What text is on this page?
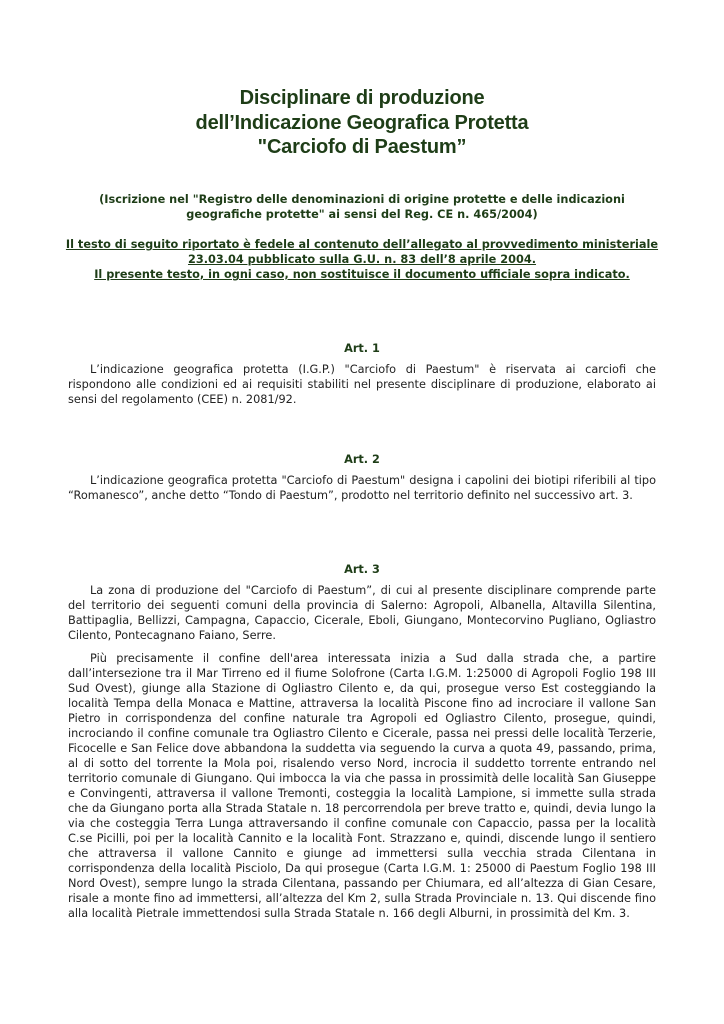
Disciplinare di produzione
dell’Indicazione Geografica Protetta
"Carciofo di Paestum”
(Iscrizione nel "Registro delle denominazioni di origine protette e delle indicazioni geografiche protette" ai sensi del Reg. CE n. 465/2004)
Il testo di seguito riportato è fedele al contenuto dell’allegato al provvedimento ministeriale
23.03.04 pubblicato sulla G.U. n. 83 dell’8 aprile 2004.
Il presente testo, in ogni caso, non sostituisce il documento ufficiale sopra indicato.
Art. 1

L’indicazione geografica protetta (I.G.P.) "Carciofo di Paestum" è riservata ai carciofi che rispondono alle condizioni ed ai requisiti stabiliti nel presente disciplinare di produzione, elaborato ai sensi del regolamento (CEE) n. 2081/92.

Art. 2

L’indicazione geografica protetta "Carciofo di Paestum" designa i capolini dei biotipi riferibili al tipo “Romanesco”, anche detto “Tondo di Paestum”, prodotto nel territorio definito nel successivo art. 3.

Art. 3

La zona di produzione del "Carciofo di Paestum”, di cui al presente disciplinare comprende parte del territorio dei seguenti comuni della provincia di Salerno: Agropoli, Albanella, Altavilla Silentina, Battipaglia, Bellizzi, Campagna, Capaccio, Cicerale, Eboli, Giungano, Montecorvino Pugliano, Ogliastro Cilento, Pontecagnano Faiano, Serre.

Più precisamente il confine dell'area interessata inizia a Sud dalla strada che, a partire dall’intersezione tra il Mar Tirreno ed il fiume Solofrone (Carta I.G.M. 1:25000 di Agropoli Foglio 198 III Sud Ovest), giunge alla Stazione di Ogliastro Cilento e, da qui, prosegue verso Est costeggiando la località Tempa della Monaca e Mattine, attraversa la località Piscone fino ad incrociare il vallone San Pietro in corrispondenza del confine naturale tra Agropoli ed Ogliastro Cilento, prosegue, quindi, incrociando il confine comunale tra Ogliastro Cilento e Cicerale, passa nei pressi delle località Terzerie, Ficocelle e San Felice dove abbandona la suddetta via seguendo la curva a quota 49, passando, prima, al di sotto del torrente la Mola poi, risalendo verso Nord, incrocia il suddetto torrente entrando nel territorio comunale di Giungano. Qui imbocca la via che passa in prossimità delle località San Giuseppe e Convingenti, attraversa il vallone Tremonti, costeggia la località Lampione, si immette sulla strada che da Giungano porta alla Strada Statale n. 18 percorrendola per breve tratto e, quindi, devia lungo la via che costeggia Terra Lunga attraversando il confine comunale con Capaccio, passa per la località C.se Picilli, poi per la località Cannito e la località Font. Strazzano e, quindi, discende lungo il sentiero che attraversa il vallone Cannito e giunge ad immettersi sulla vecchia strada Cilentana in corrispondenza della località Pisciolo, Da qui prosegue (Carta I.G.M. 1: 25000 di Paestum Foglio 198 III Nord Ovest), sempre lungo la strada Cilentana, passando per Chiumara, ed all’altezza di Gian Cesare, risale a monte fino ad immettersi, all’altezza del Km 2, sulla Strada Provinciale n. 13. Qui discende fino alla località Pietrale immettendosi sulla Strada Statale n. 166 degli Alburni, in prossimità del Km. 3.
